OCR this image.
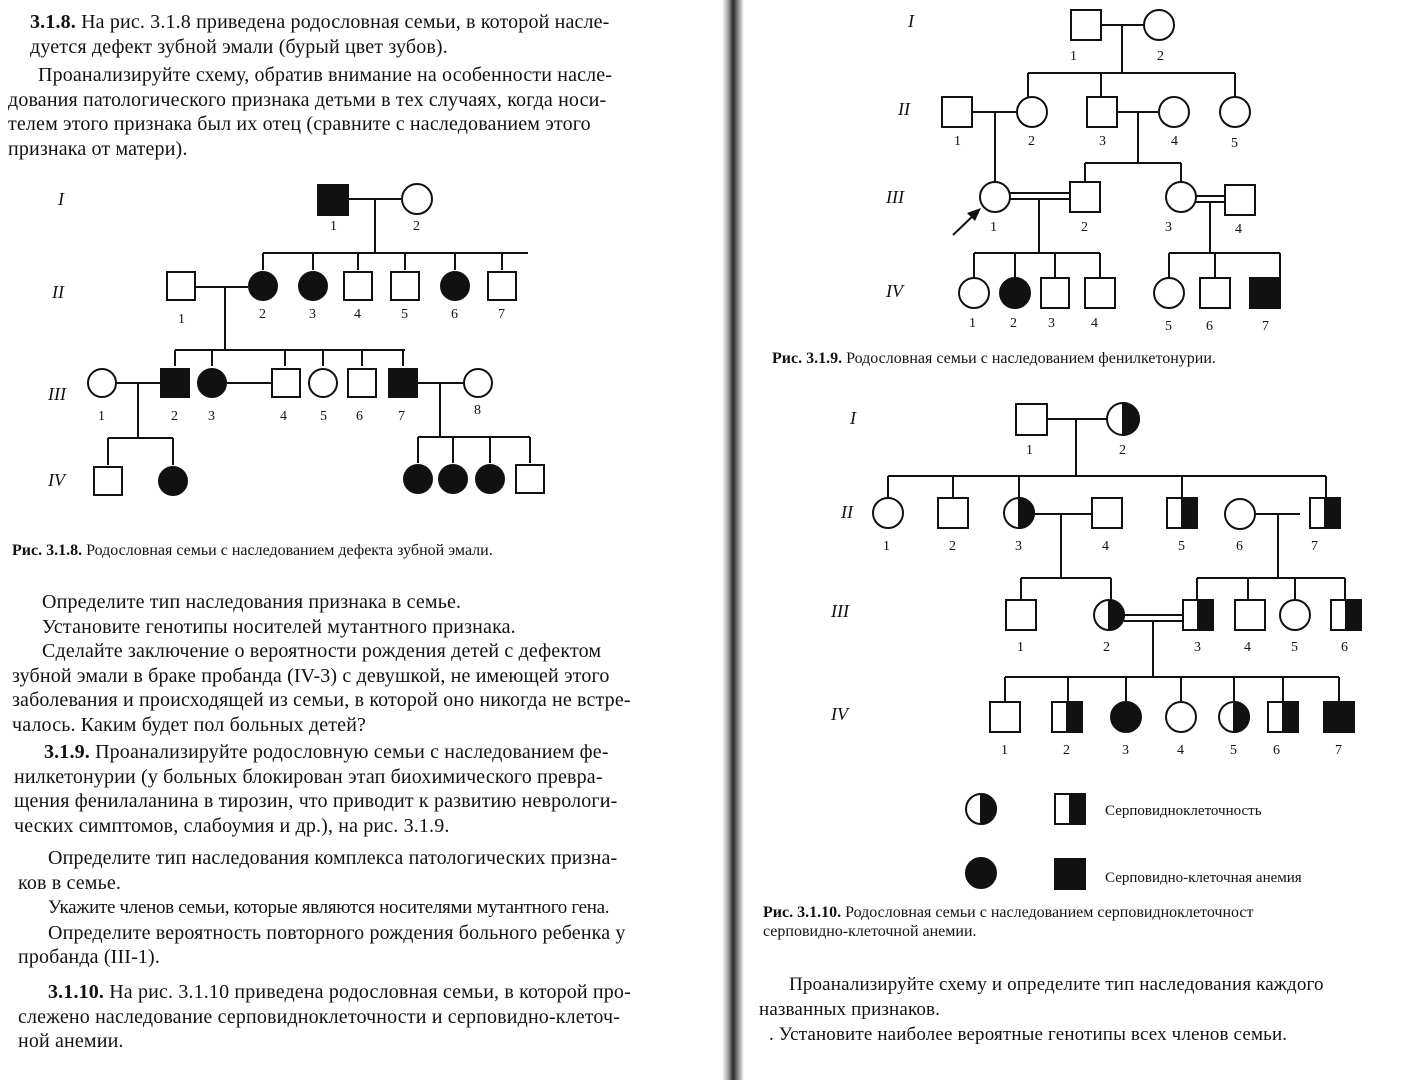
3.1.8. На рис. 3.1.8 приведена родословная семьи, в которой насле-
дуется дефект зубной эмали (бурый цвет зубов).

Проанализируйте схему, обратив внимание на особенности насле-
дования патологического признака детьми в тех случаях, когда носи-
телем этого признака был их отец (сравните с наследованием этого
признака от матери).

I
II
III
IV
1	2
1	2	3	4	5	6	7
1	2 3	4 5 6	7	8

Рис. 3.1.8. Родословная семьи с наследованием дефекта зубной эмали.

Определите тип наследования признака в семье.
Установите генотипы носителей мутантного признака.
Сделайте заключение о вероятности рождения детей с дефектом
зубной эмали в браке пробанда (IV-3) с девушкой, не имеющей этого
заболевания и происходящей из семьи, в которой оно никогда не встре-
чалось. Каким будет пол больных детей?

3.1.9. Проанализируйте родословную семьи с наследованием фе-
нилкетонурии (у больных блокирован этап биохимического превра-
щения фенилаланина в тирозин, что приводит к развитию неврологи-
ческих симптомов, слабоумия и др.), на рис. 3.1.9.

Определите тип наследования комплекса патологических призна-
ков в семье.
Укажите членов семьи, которые являются носителями мутантного гена.
Определите вероятность повторного рождения больного ребенка у
пробанда (III-1).

3.1.10. На рис. 3.1.10 приведена родословная семьи, в которой про-
слежено наследование серповидноклеточности и серповидно-клеточ-
ной анемии.

I
II
III
IV
1	2
1	2	3	4	5
1	2	3	4
1 2 3	4	5 6	7

Рис. 3.1.9. Родословная семьи с наследованием фенилкетонурии.

I
II
III
IV
1	2
1	2	3	4	5	6	7
1	2	3	4	5	6
1	2	3	4	5	6	7
Серповидноклеточность
Серповидно-клеточная анемия

Рис. 3.1.10. Родословная семьи с наследованием серповидноклеточност
серповидно-клеточной анемии.

Проанализируйте схему и определите тип наследования каждого
названных признаков.
. Установите наиболее вероятные генотипы всех членов семьи.
